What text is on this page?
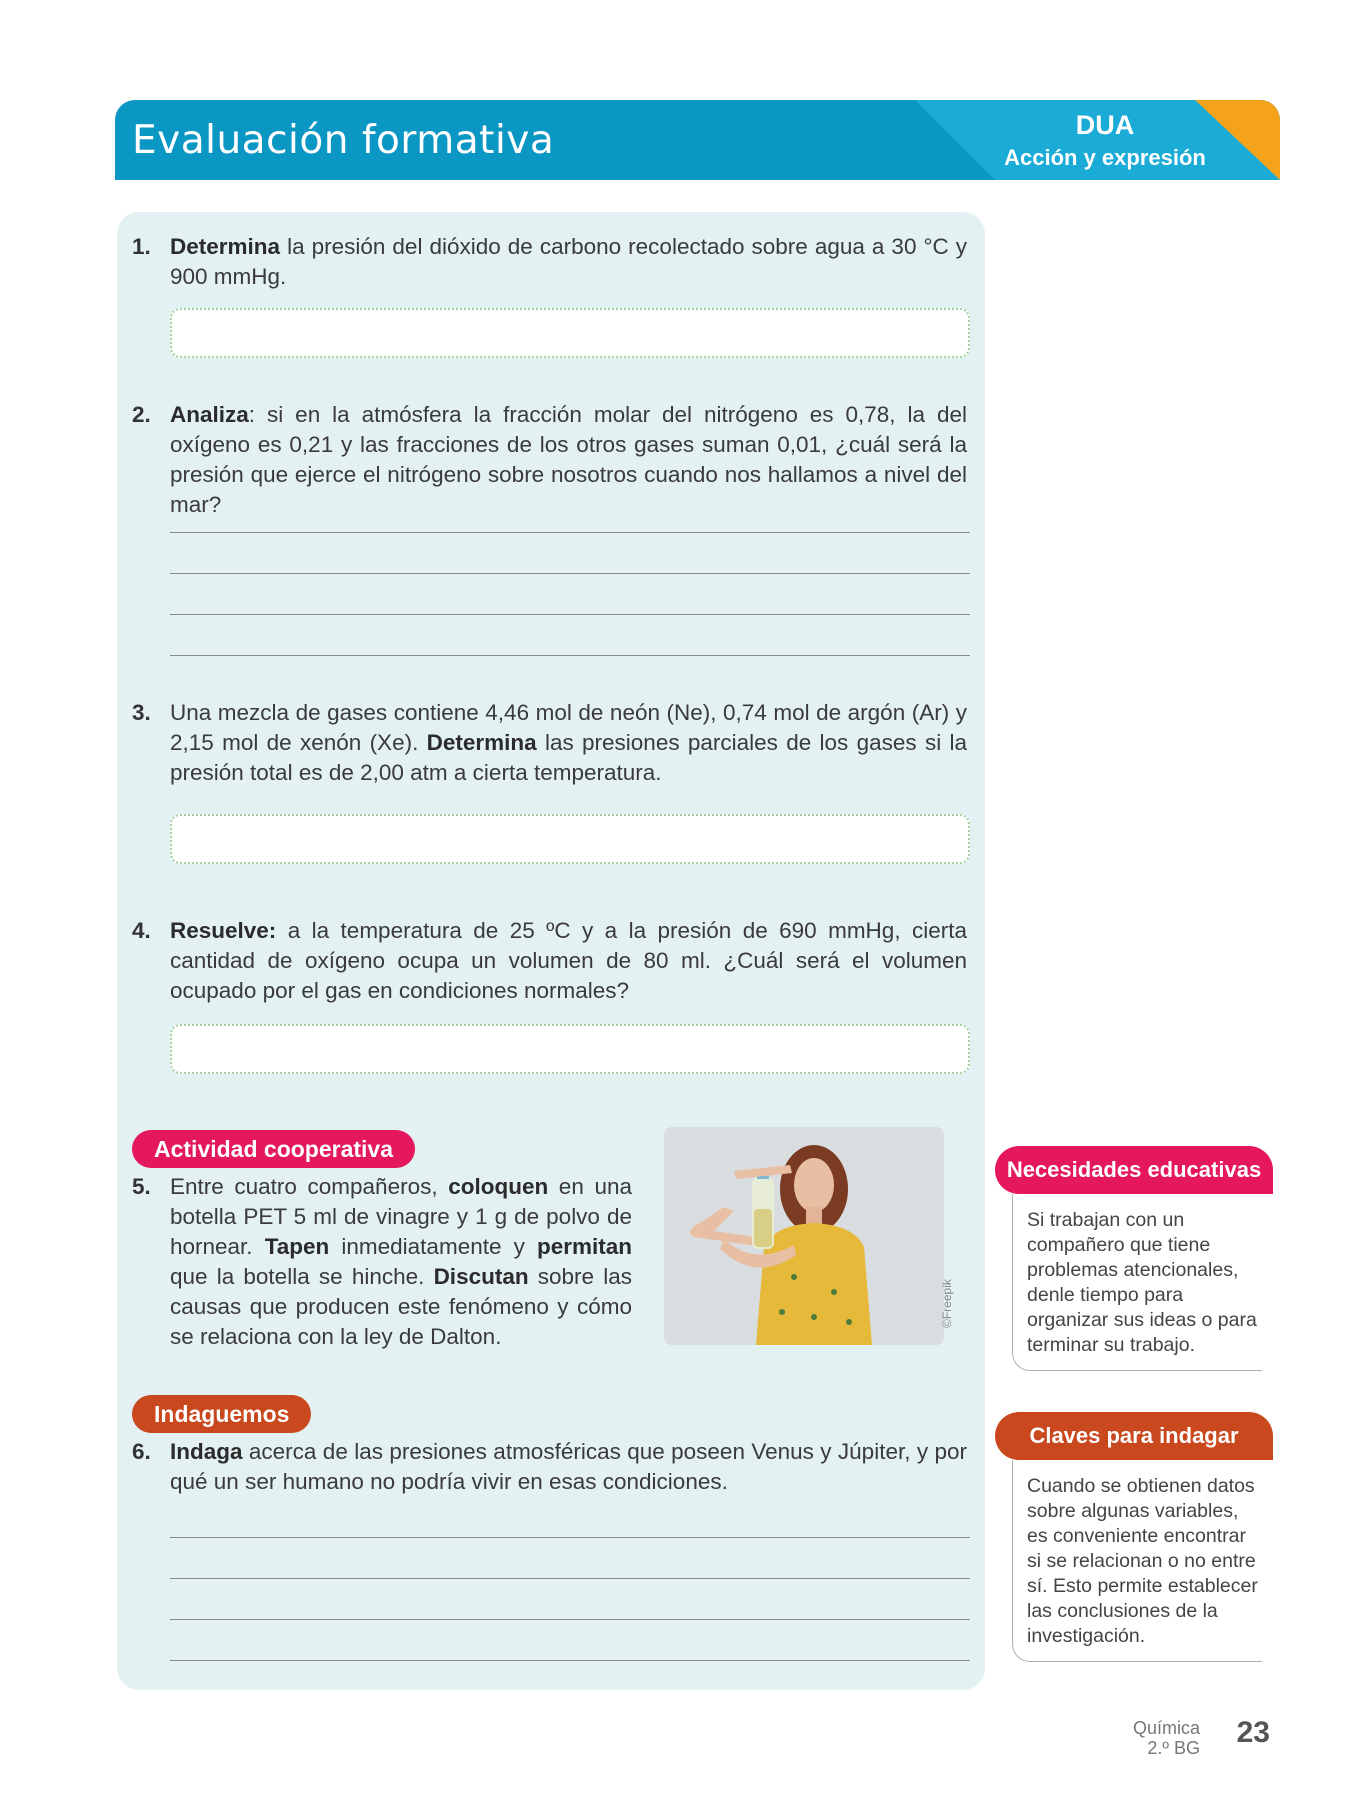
Evaluación formativa	DUA
Acción y expresión
1. Determina la presión del dióxido de carbono recolectado sobre agua a 30 °C y 900 mmHg.
2. Analiza: si en la atmósfera la fracción molar del nitrógeno es 0,78, la del oxígeno es 0,21 y las fracciones de los otros gases suman 0,01, ¿cuál será la presión que ejerce el nitrógeno sobre nosotros cuando nos hallamos a nivel del mar?
3. Una mezcla de gases contiene 4,46 mol de neón (Ne), 0,74 mol de argón (Ar) y 2,15 mol de xenón (Xe). Determina las presiones parciales de los gases si la presión total es de 2,00 atm a cierta temperatura.
4. Resuelve: a la temperatura de 25 ºC y a la presión de 690 mmHg, cierta cantidad de oxígeno ocupa un volumen de 80 ml. ¿Cuál será el volumen ocupado por el gas en condiciones normales?
Actividad cooperativa
5. Entre cuatro compañeros, coloquen en una botella PET 5 ml de vinagre y 1 g de polvo de hornear. Tapen inmediatamente y permitan que la botella se hinche. Discutan sobre las causas que producen este fenómeno y cómo se relaciona con la ley de Dalton.
Indaguemos
6. Indaga acerca de las presiones atmosféricas que poseen Venus y Júpiter, y por qué un ser humano no podría vivir en esas condiciones.
©Freepik
Necesidades educativas
Si trabajan con un compañero que tiene problemas atencionales, denle tiempo para organizar sus ideas o para terminar su trabajo.
Claves para indagar
Cuando se obtienen datos sobre algunas variables, es conveniente encontrar si se relacionan o no entre sí. Esto permite establecer las conclusiones de la investigación.
Química
2.º BG 23
